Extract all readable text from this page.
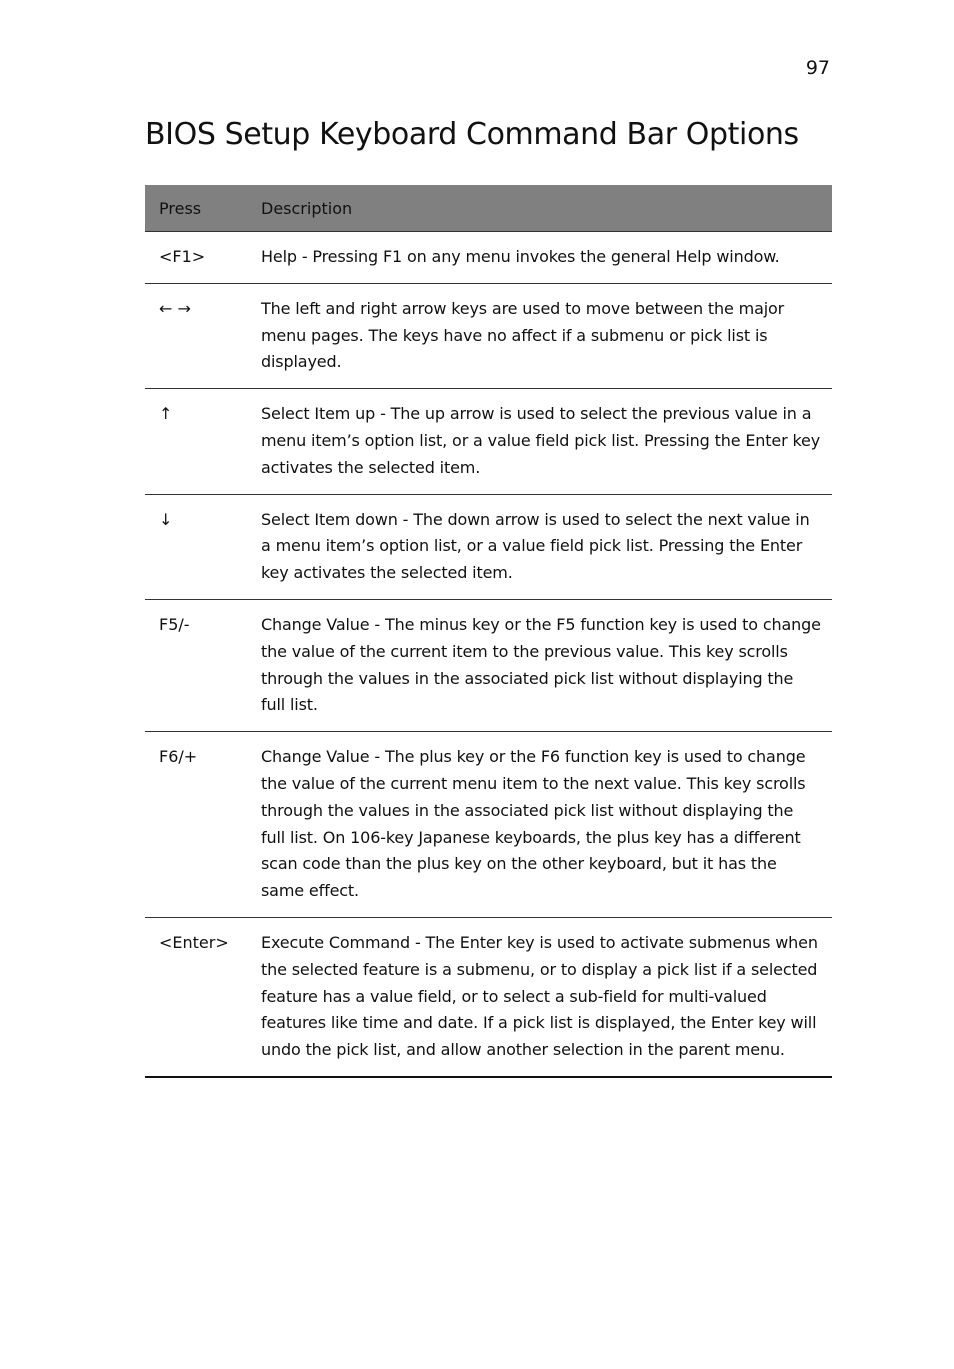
97
BIOS Setup Keyboard Command Bar Options
Press	Description
<F1>	Help - Pressing F1 on any menu invokes the general Help window.
← →	The left and right arrow keys are used to move between the major menu pages. The keys have no affect if a submenu or pick list is displayed.
↑	Select Item up - The up arrow is used to select the previous value in a menu item’s option list, or a value field pick list. Pressing the Enter key activates the selected item.
↓	Select Item down - The down arrow is used to select the next value in a menu item’s option list, or a value field pick list. Pressing the Enter key activates the selected item.
F5/-	Change Value - The minus key or the F5 function key is used to change the value of the current item to the previous value. This key scrolls through the values in the associated pick list without displaying the full list.
F6/+	Change Value - The plus key or the F6 function key is used to change the value of the current menu item to the next value. This key scrolls through the values in the associated pick list without displaying the full list. On 106-key Japanese keyboards, the plus key has a different scan code than the plus key on the other keyboard, but it has the same effect.
<Enter>	Execute Command - The Enter key is used to activate submenus when the selected feature is a submenu, or to display a pick list if a selected feature has a value field, or to select a sub-field for multi-valued features like time and date. If a pick list is displayed, the Enter key will undo the pick list, and allow another selection in the parent menu.
